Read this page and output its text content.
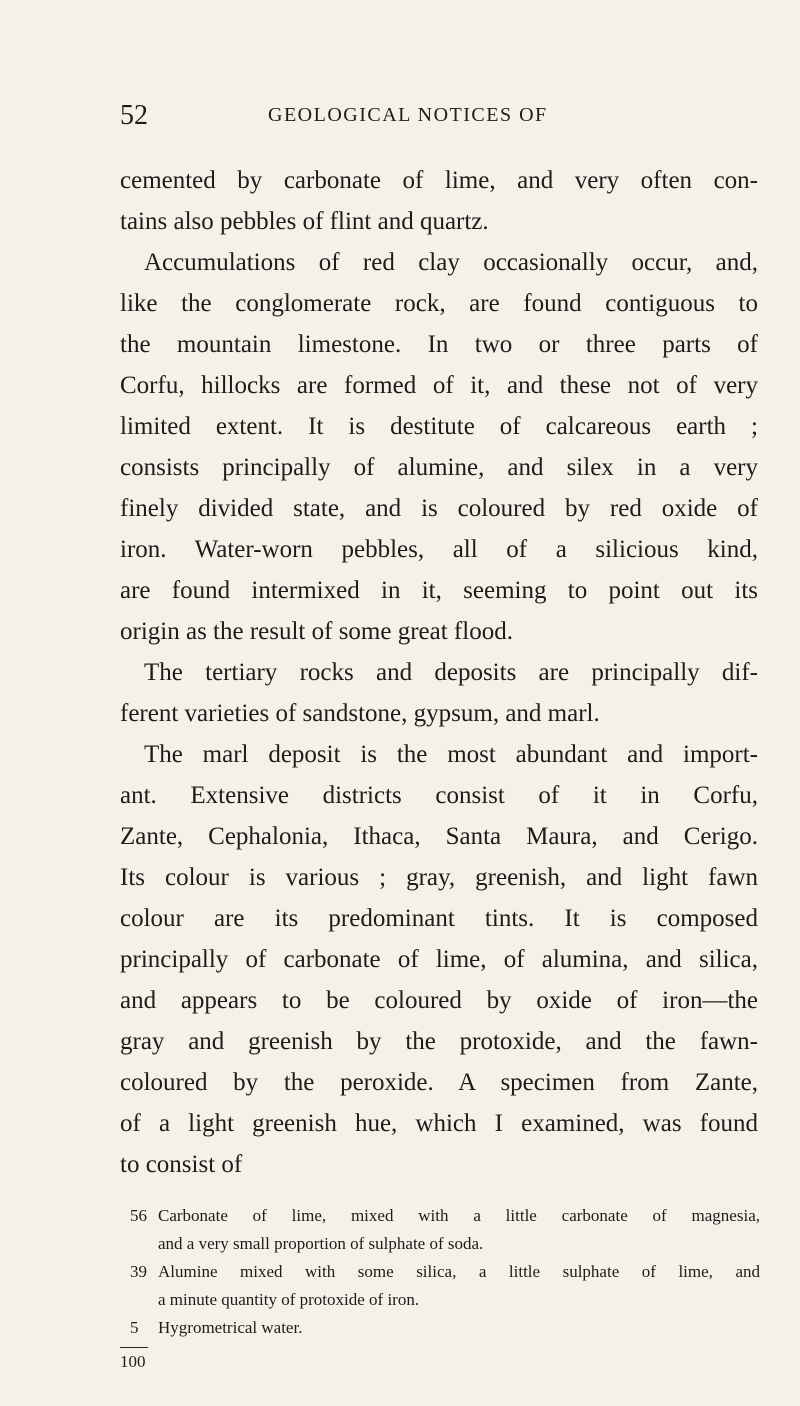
52	GEOLOGICAL NOTICES OF
cemented by carbonate of lime, and very often con-
tains also pebbles of flint and quartz.
Accumulations of red clay occasionally occur, and,
like the conglomerate rock, are found contiguous to
the mountain limestone. In two or three parts of
Corfu, hillocks are formed of it, and these not of very
limited extent. It is destitute of calcareous earth ;
consists principally of alumine, and silex in a very
finely divided state, and is coloured by red oxide of
iron. Water-worn pebbles, all of a silicious kind,
are found intermixed in it, seeming to point out its
origin as the result of some great flood.
The tertiary rocks and deposits are principally dif-
ferent varieties of sandstone, gypsum, and marl.
The marl deposit is the most abundant and import-
ant. Extensive districts consist of it in Corfu,
Zante, Cephalonia, Ithaca, Santa Maura, and Cerigo.
Its colour is various ; gray, greenish, and light fawn
colour are its predominant tints. It is composed
principally of carbonate of lime, of alumina, and silica,
and appears to be coloured by oxide of iron—the
gray and greenish by the protoxide, and the fawn-
coloured by the peroxide. A specimen from Zante,
of a light greenish hue, which I examined, was found
to consist of
56 Carbonate of lime, mixed with a little carbonate of magnesia,
and a very small proportion of sulphate of soda.
39 Alumine mixed with some silica, a little sulphate of lime, and
a minute quantity of protoxide of iron.
5	Hygrometrical water.
100
